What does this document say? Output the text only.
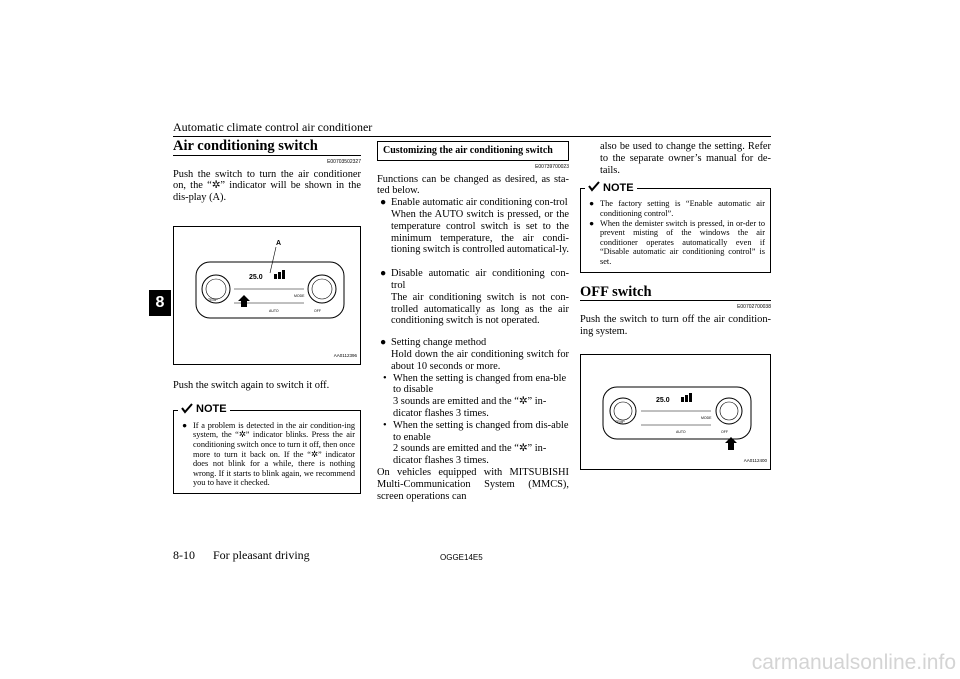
Automatic climate control air conditioner
8
Air conditioning switch
E00703502327

Push the switch to turn the air conditioner on, the “✲” indicator will be shown in the dis-play (A).

25.0
TEMP
MODE
AUTO	OFF
A
AA0112396

Push the switch again to switch it off.

NOTE
● If a problem is detected in the air condition-ing system, the “✲” indicator blinks. Press the air conditioning switch once to turn it off, then once more to turn it back on. If the “✲” indicator does not blink for a while, there is nothing wrong. If it starts to blink again, we recommend you to have it checked.
Customizing the air conditioning switch
E00739700023

Functions can be changed as desired, as sta-ted below.

● Enable automatic air conditioning con-trol

When the AUTO switch is pressed, or the temperature control switch is set to the minimum temperature, the air condi-tioning switch is controlled automatical-ly.

● Disable automatic air conditioning con-trol

The air conditioning switch is not con-trolled automatically as long as the air conditioning switch is not operated.

● Setting change method

Hold down the air conditioning switch for about 10 seconds or more.

• When the setting is changed from ena-ble to disable

3 sounds are emitted and the “✲” in-dicator flashes 3 times.

• When the setting is changed from dis-able to enable

2 sounds are emitted and the “✲” in-dicator flashes 3 times.

On vehicles equipped with MITSUBISHI Multi-Communication System (MMCS), screen operations can

also be used to change the setting. Refer to the separate owner’s manual for de-tails.

NOTE
● The factory setting is “Enable automatic air conditioning control”.
● When the demister switch is pressed, in or-der to prevent misting of the windows the air conditioner operates automatically even if “Disable automatic air conditioning control” is set.
OFF switch
E00702700038

Push the switch to turn off the air condition-ing system.

25.0
TEMP
MODE
AUTO	OFF
AA0112400
8-10 For pleasant driving	OGGE14E5
carmanualsonline.info
